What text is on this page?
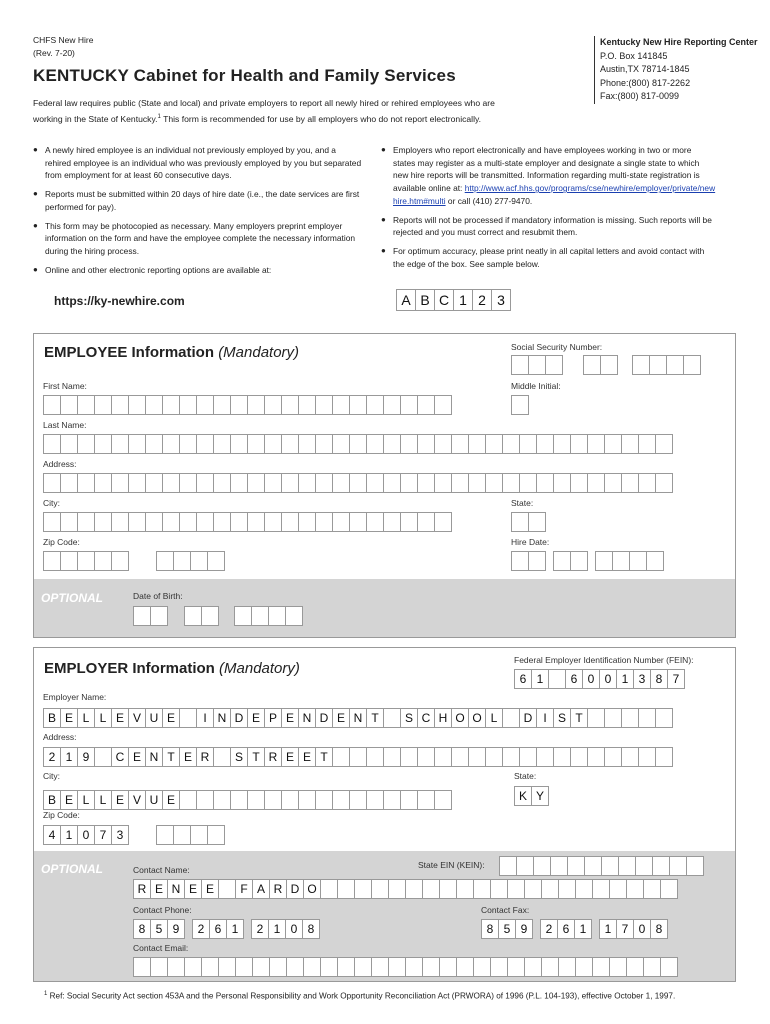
CHFS New Hire
(Rev. 7-20)
KENTUCKY Cabinet for Health and Family Services
Federal law requires public (State and local) and private employers to report all newly hired or rehired employees who are
working in the State of Kentucky.$^1$ This form is recommended for use by all employers who do not report electronically.
Kentucky New Hire Reporting Center
P.O. Box 141845
Austin,TX 78714-1845
Phone:(800) 817-2262
Fax:(800) 817-0099
● A newly hired employee is an individual not previously employed by you, and a rehired employee is an individual who was previously employed by you but separated from employment for at least 60 consecutive days.
● Reports must be submitted within 20 days of hire date (i.e., the date services are first performed for pay).
● This form may be photocopied as necessary. Many employers preprint employer information on the form and have the employee complete the necessary information during the hiring process.
● Online and other electronic reporting options are available at:
https://ky-newhire.com
● Employers who report electronically and have employees working in two or more states may register as a multi-state employer and designate a single state to which new hire reports will be transmitted. Information regarding multi-state registration is available online at: http://www.acf.hhs.gov/programs/cse/newhire/employer/private/newhire.htm#multi or call (410) 277-9470.
● Reports will not be processed if mandatory information is missing. Such reports will be rejected and you must correct and resubmit them.
● For optimum accuracy, please print neatly in all capital letters and avoid contact with the edge of the box. See sample below.
A B C 1 2 3
EMPLOYEE Information (Mandatory)	Social Security Number:
First Name:	Middle Initial:
Last Name:
Address:
City:	State:
Zip Code:	Hire Date:
OPTIONAL	Date of Birth:
EMPLOYER Information (Mandatory)	Federal Employer Identification Number (FEIN):
6 1	6 0 0 1 3 8 7
Employer Name:
B E L L E V U E	I N D E P E N D E N T	S C H O O L	D I S T
Address:
2 1 9	C E N T E R	S T R E E T
City:
B E L L E V U E
State:
K Y
Zip Code:
4 1 0 7 3
OPTIONAL	Contact Name:	State EIN (KEIN):
R E N E E	F A R D O
Contact Phone:
8 5 9	2 6 1	2 1 0 8
Contact Fax:
8 5 9	2 6 1	1 7 0 8
Contact Email:
$^1$ Ref: Social Security Act section 453A and the Personal Responsibility and Work Opportunity Reconciliation Act (PRWORA) of 1996 (P.L. 104-193), effective October 1, 1997.
